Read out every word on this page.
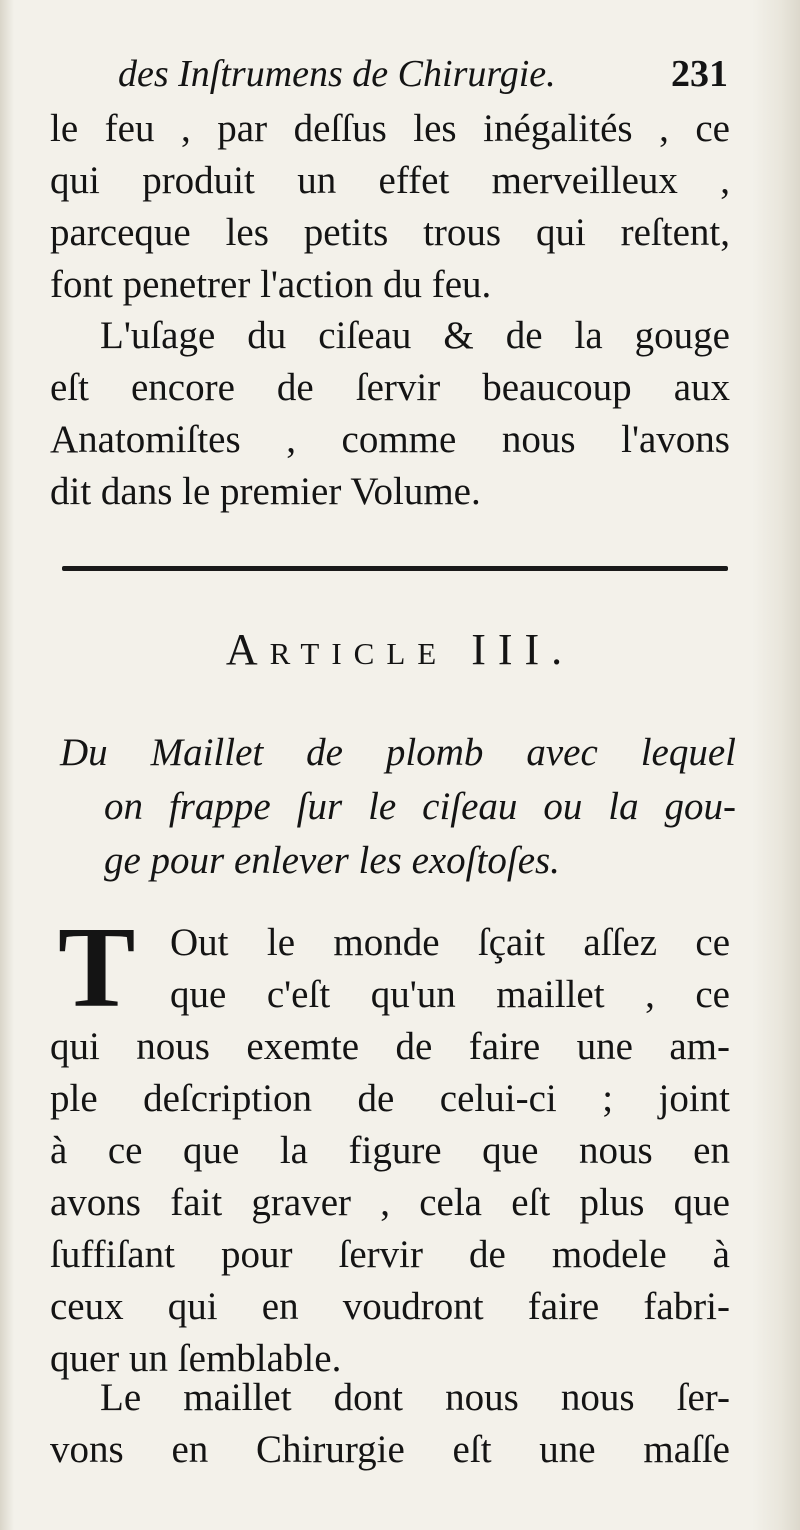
des Inſtrumens de Chirurgie.	231
le feu , par deſſus les inégalités , ce
qui produit un effet merveilleux ,
parceque les petits trous qui reſtent,
font penetrer l'action du feu.
L'uſage du ciſeau & de la gouge
eſt encore de ſervir beaucoup aux
Anatomiſtes , comme nous l'avons
dit dans le premier Volume.
Article III.
Du Maillet de plomb avec lequel
on frappe ſur le ciſeau ou la gou-
ge pour enlever les exoſtoſes.
T Out le monde ſçait aſſez ce
que c'eſt qu'un maillet , ce
qui nous exemte de faire une am-
ple deſcription de celui-ci ; joint
à ce que la figure que nous en
avons fait graver , cela eſt plus que
ſuffiſant pour ſervir de modele à
ceux qui en voudront faire fabri-
quer un ſemblable.
Le maillet dont nous nous ſer-
vons en Chirurgie eſt une maſſe
